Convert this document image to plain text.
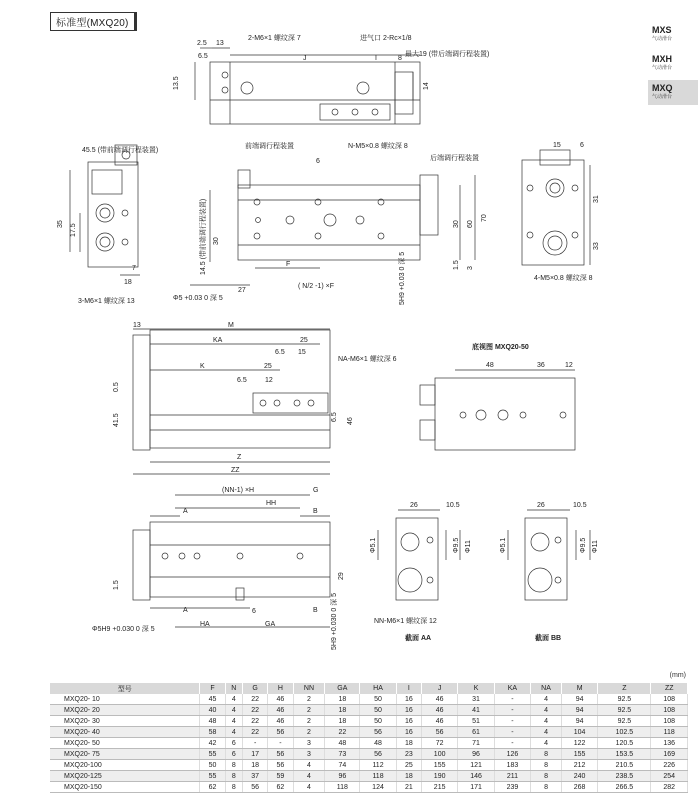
标准型(MXQ20)
MXS
气动滑台
MXH
气动滑台
MXQ
气动滑台
2.5 13
6.5
13.5
J	I	8
14
2-M6×1 螺纹深 7	进气口 2-Rc×1/8
最大19 (带后端调行程装置)
45.5 (带前端调行程装置)
35 17.5
7
18
3-M6×1 螺纹深 13
前端调行程装置	N-M5×0.8 螺纹深 8
后端调行程装置
6
14.5 (带前端调行程装置) 30
30 60
70
1.5 3
F
27
( N/2 -1) ×F
Φ5 +0.03 0 深 5	5H9 +0.03 0 深 5
15	6
31
33
4-M5×0.8 螺纹深 8
13	M
KA	25
6.5 15
K	25
6.5	12
NA-M6×1 螺纹深 6
0.5
41.5	6.5 46
Z
ZZ
底视图 MXQ20-50
48	36	12
(NN-1) ×H	G
HH
A	B
A	B
1.5
29
6
HA	GA
Φ5H9 +0.030 0 深 5	5H9 +0.030 0 深 5
26	10.5
Φ5.1	Φ9.5 Φ11
NN-M6×1 螺纹深 12
截面 AA
26	10.5
Φ5.1	Φ9.5 Φ11
截面 BB
(mm)
型号	F	N	G	H	NN	GA	HA	I	J	K	KA	NA	M	Z	ZZ
MXQ20- 10	45	4	22	46	2	18	50	16	46	31	-	4	94	92.5	108
MXQ20- 20	40	4	22	46	2	18	50	16	46	41	-	4	94	92.5	108
MXQ20- 30	48	4	22	46	2	18	50	16	46	51	-	4	94	92.5	108
MXQ20- 40	58	4	22	56	2	22	56	16	56	61	-	4	104	102.5	118
MXQ20- 50	42	6	-	-	3	48	48	18	72	71	-	4	122	120.5	136
MXQ20- 75	55	6	17	56	3	73	56	23	100	96	126	8	155	153.5	169
MXQ20-100	50	8	18	56	4	74	112	25	155	121	183	8	212	210.5	226
MXQ20-125	55	8	37	59	4	96	118	18	190	146	211	8	240	238.5	254
MXQ20-150	62	8	56	62	4	118	124	21	215	171	239	8	268	266.5	282
